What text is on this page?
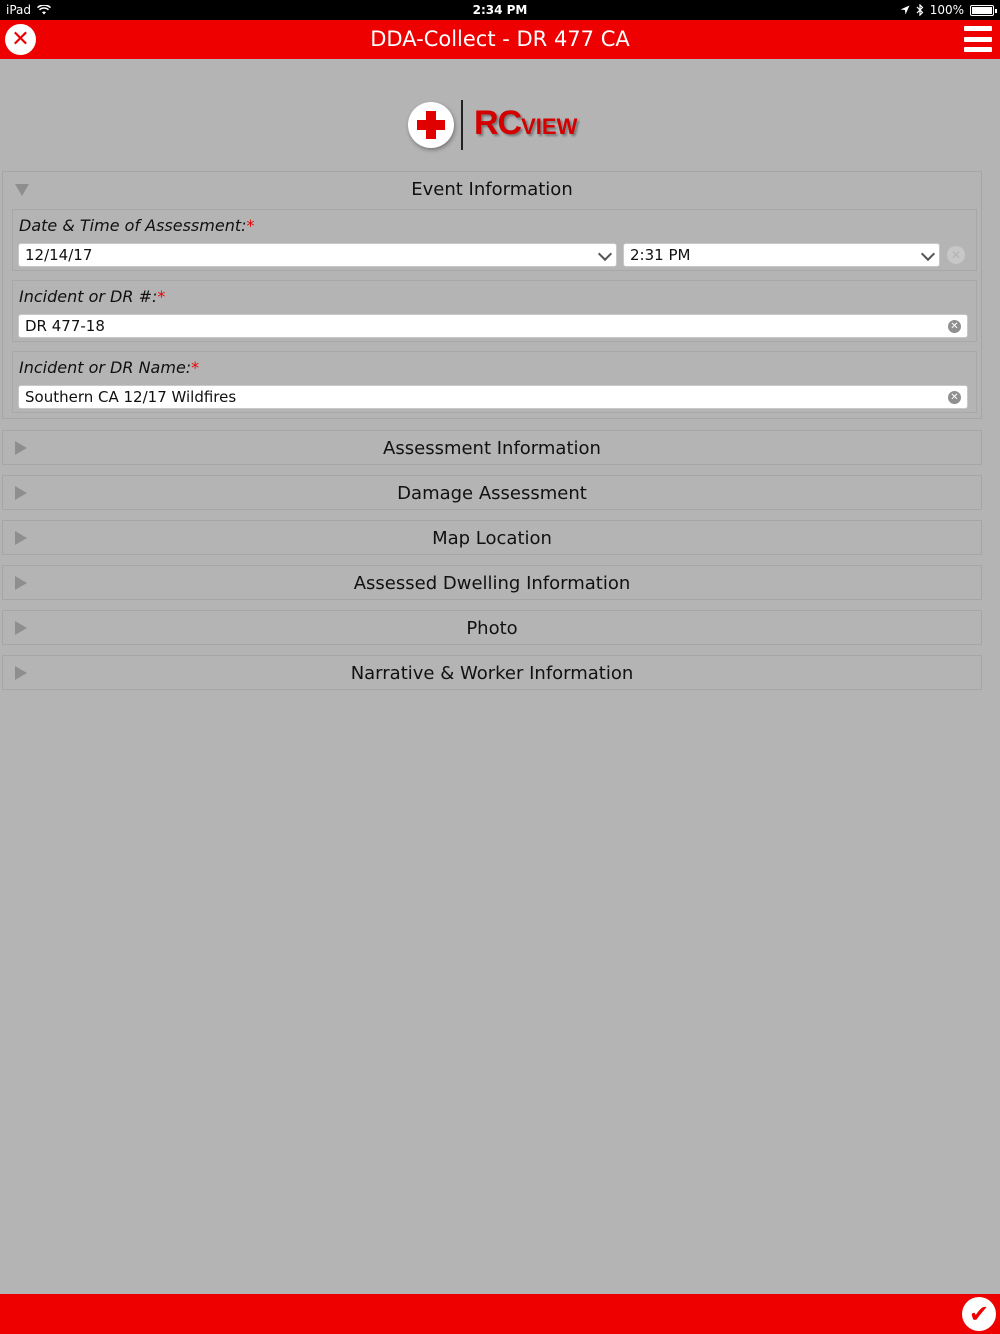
iPad	2:34 PM	100%
✕	DDA-Collect - DR 477 CA
RCVIEW
Event Information
Date & Time of Assessment:*
12/14/17	2:31 PM	✕
Incident or DR #:*
DR 477-18	✕
Incident or DR Name:*
Southern CA 12/17 Wildfires	✕
Assessment Information
Damage Assessment
Map Location
Assessed Dwelling Information
Photo
Narrative & Worker Information
✔
